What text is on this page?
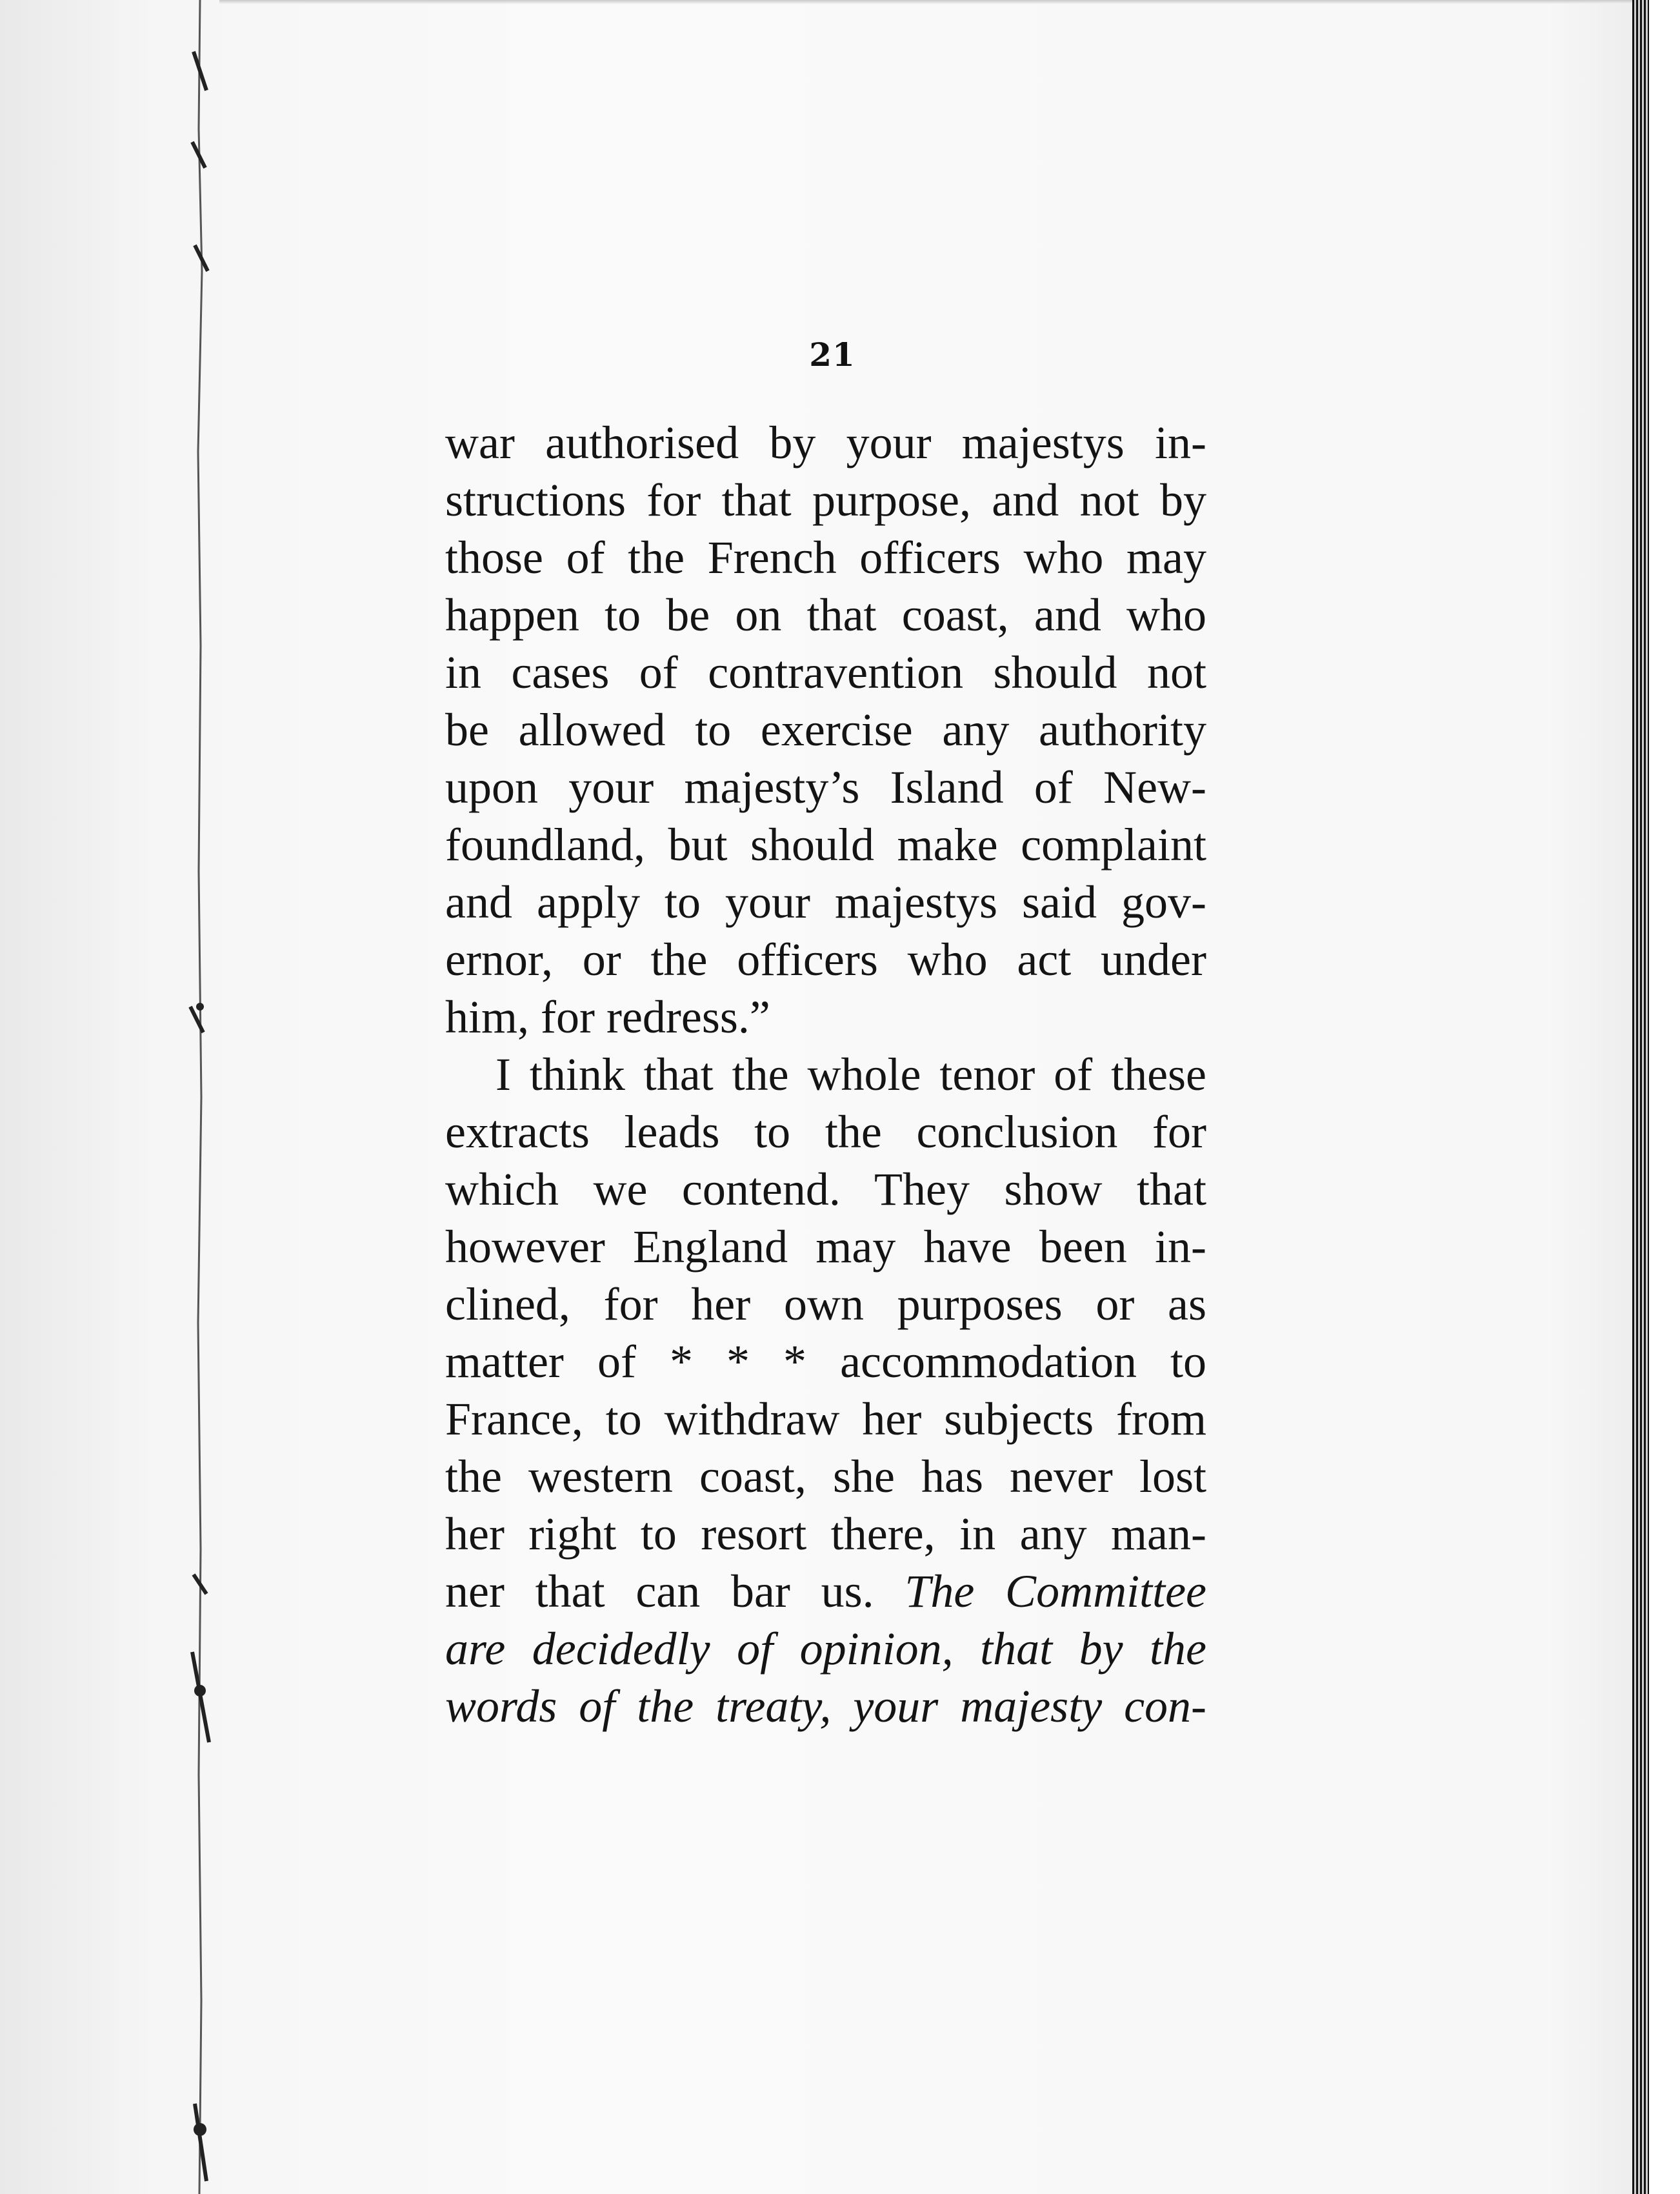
21
war authorised by your majestys in-
structions for that purpose, and not by
those of the French officers who may
happen to be on that coast, and who
in cases of contravention should not
be allowed to exercise any authority
upon your majesty’s Island of New-
foundland, but should make complaint
and apply to your majestys said gov-
ernor, or the officers who act under
him, for redress.”
I think that the whole tenor of these
extracts leads to the conclusion for
which we contend. They show that
however England may have been in-
clined, for her own purposes or as
matter of * * * accommodation to
France, to withdraw her subjects from
the western coast, she has never lost
her right to resort there, in any man-
ner that can bar us. The Committee
are decidedly of opinion, that by the
words of the treaty, your majesty con-
